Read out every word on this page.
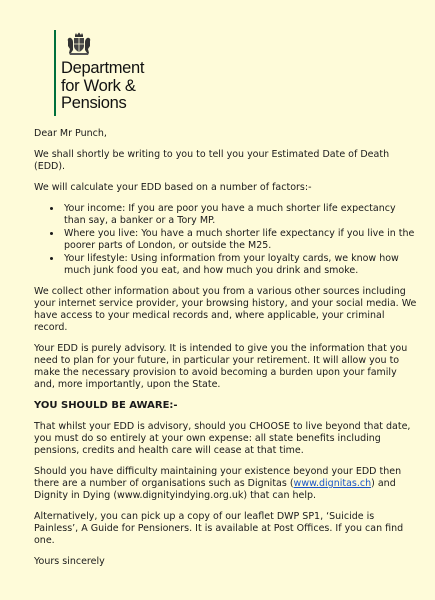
Department
for Work &
Pensions

Dear Mr Punch,

We shall shortly be writing to you to tell you your Estimated Date of Death (EDD).

We will calculate your EDD based on a number of factors:-

• Your income: If you are poor you have a much shorter life expectancy than say, a banker or a Tory MP.
• Where you live: You have a much shorter life expectancy if you live in the poorer parts of London, or outside the M25.
• Your lifestyle: Using information from your loyalty cards, we know how much junk food you eat, and how much you drink and smoke.

We collect other information about you from a various other sources including your internet service provider, your browsing history, and your social media. We have access to your medical records and, where applicable, your criminal record.

Your EDD is purely advisory. It is intended to give you the information that you need to plan for your future, in particular your retirement. It will allow you to make the necessary provision to avoid becoming a burden upon your family and, more importantly, upon the State.

YOU SHOULD BE AWARE:-

That whilst your EDD is advisory, should you CHOOSE to live beyond that date, you must do so entirely at your own expense: all state benefits including pensions, credits and health care will cease at that time.

Should you have difficulty maintaining your existence beyond your EDD then there are a number of organisations such as Dignitas (www.dignitas.ch) and Dignity in Dying (www.dignityindying.org.uk) that can help.

Alternatively, you can pick up a copy of our leaflet DWP SP1, ‘Suicide is Painless’, A Guide for Pensioners. It is available at Post Offices. If you can find one.

Yours sincerely
